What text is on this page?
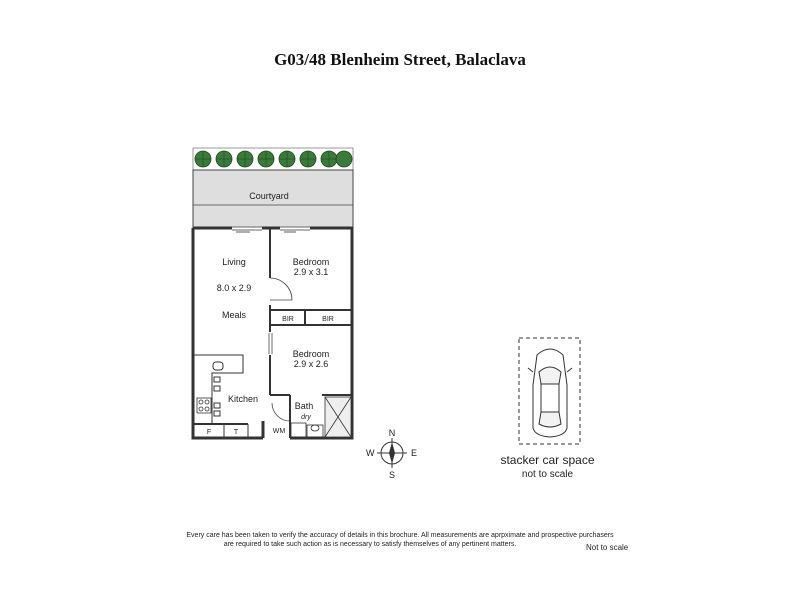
G03/48 Blenheim Street, Balaclava
Courtyard
Living
8.0 x 2.9
Meals
Bedroom
2.9 x 3.1
BIR	BIR
Bedroom
2.9 x 2.6
Kitchen
Bath
dry
WM
F	T	N
S
E
W	stacker car space
not to scale
Every care has been taken to verify the accuracy of details in this brochure. All measurements are aprpximate and prospective purchasers
are required to take such action as is necessary to satisfy themselves of any pertinent matters.	Not to scale
